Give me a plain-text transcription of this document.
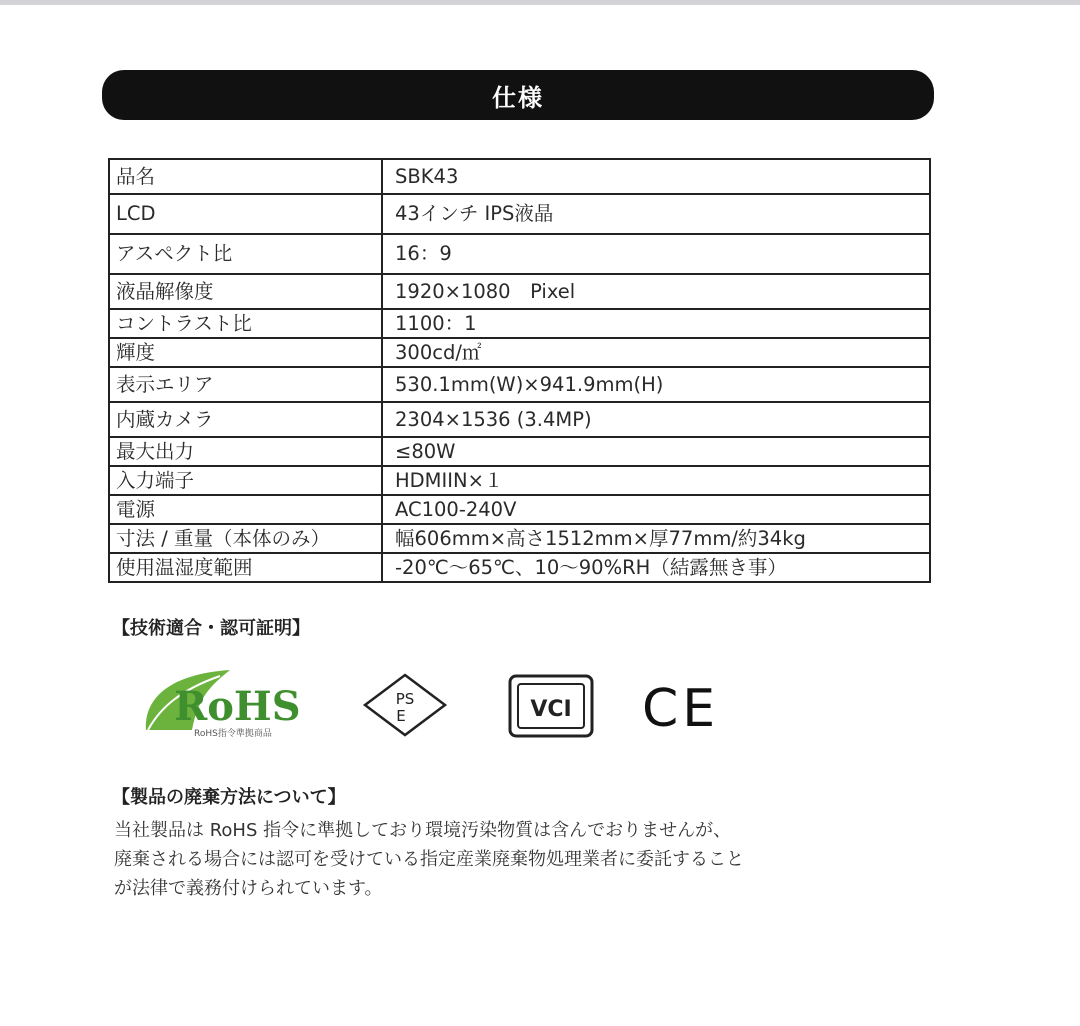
仕様
品名	SBK43
LCD	43インチ IPS液晶
アスペクト比	16：9
液晶解像度	1920×1080　Pixel
コントラスト比	1100：1
輝度	300cd/㎡
表示エリア	530.1mm(W)×941.9mm(H)
内蔵カメラ	2304×1536 (3.4MP)
最大出力	≤80W
入力端子	HDMIIN×１
電源	AC100-240V
寸法 / 重量（本体のみ）	幅606mm×高さ1512mm×厚77mm/約34kg
使用温湿度範囲	-20℃～65℃、10～90%RH（結露無き事）
【技術適合・認可証明】
RoHS
RoHS指令準拠商品
PS
E	VCI CE
【製品の廃棄方法について】
当社製品は RoHS 指令に準拠しており環境汚染物質は含んでおりませんが、
廃棄される場合には認可を受けている指定産業廃棄物処理業者に委託すること
が法律で義務付けられています。
